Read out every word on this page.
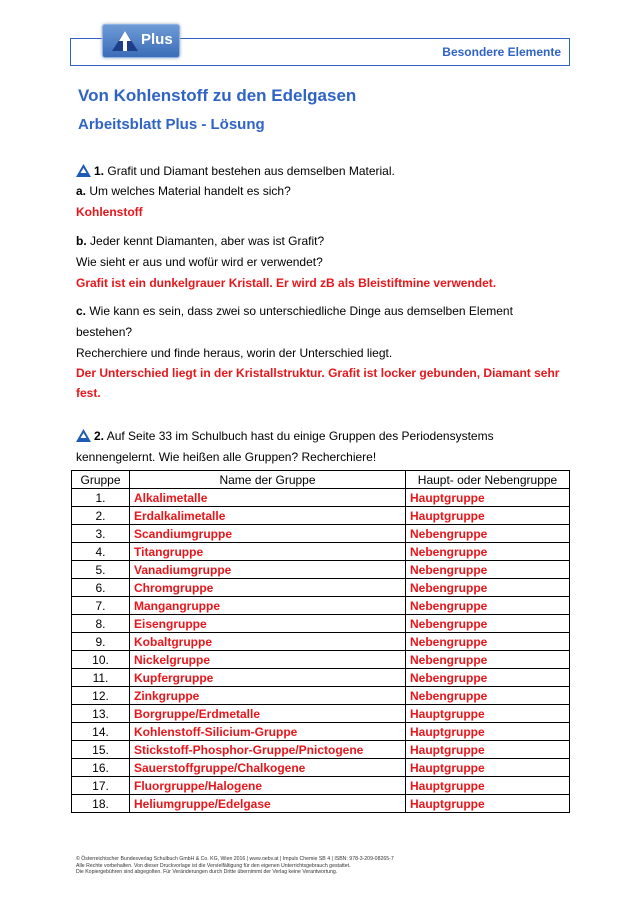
Besondere Elemente
Plus
Von Kohlenstoff zu den Edelgasen
Arbeitsblatt Plus - Lösung
1. Grafit und Diamant bestehen aus demselben Material.
a. Um welches Material handelt es sich?
Kohlenstoff
b. Jeder kennt Diamanten, aber was ist Grafit?
Wie sieht er aus und wofür wird er verwendet?
Grafit ist ein dunkelgrauer Kristall. Er wird zB als Bleistiftmine verwendet.
c. Wie kann es sein, dass zwei so unterschiedliche Dinge aus demselben Element
bestehen?
Recherchiere und finde heraus, worin der Unterschied liegt.
Der Unterschied liegt in der Kristallstruktur. Grafit ist locker gebunden, Diamant sehr
fest.
2. Auf Seite 33 im Schulbuch hast du einige Gruppen des Periodensystems
kennengelernt. Wie heißen alle Gruppen? Recherchiere!
Gruppe	Name der Gruppe	Haupt- oder Nebengruppe
1.	Alkalimetalle	Hauptgruppe
2.	Erdalkalimetalle	Hauptgruppe
3.	Scandiumgruppe	Nebengruppe
4.	Titangruppe	Nebengruppe
5.	Vanadiumgruppe	Nebengruppe
6.	Chromgruppe	Nebengruppe
7.	Mangangruppe	Nebengruppe
8.	Eisengruppe	Nebengruppe
9.	Kobaltgruppe	Nebengruppe
10.	Nickelgruppe	Nebengruppe
11.	Kupfergruppe	Nebengruppe
12.	Zinkgruppe	Nebengruppe
13.	Borgruppe/Erdmetalle	Hauptgruppe
14.	Kohlenstoff-Silicium-Gruppe	Hauptgruppe
15.	Stickstoff-Phosphor-Gruppe/Pnictogene	Hauptgruppe
16.	Sauerstoffgruppe/Chalkogene	Hauptgruppe
17.	Fluorgruppe/Halogene	Hauptgruppe
18.	Heliumgruppe/Edelgase	Hauptgruppe
© Österreichischer Bundesverlag Schulbuch GmbH & Co. KG, Wien 2016 | www.oebv.at | Impuls Chemie SB 4 | ISBN: 978-3-209-08265-7
Alle Rechte vorbehalten. Von dieser Druckvorlage ist die Vervielfältigung für den eigenen Unterrichtsgebrauch gestattet.
Die Kopiergebühren sind abgegolten. Für Veränderungen durch Dritte übernimmt der Verlag keine Verantwortung.
